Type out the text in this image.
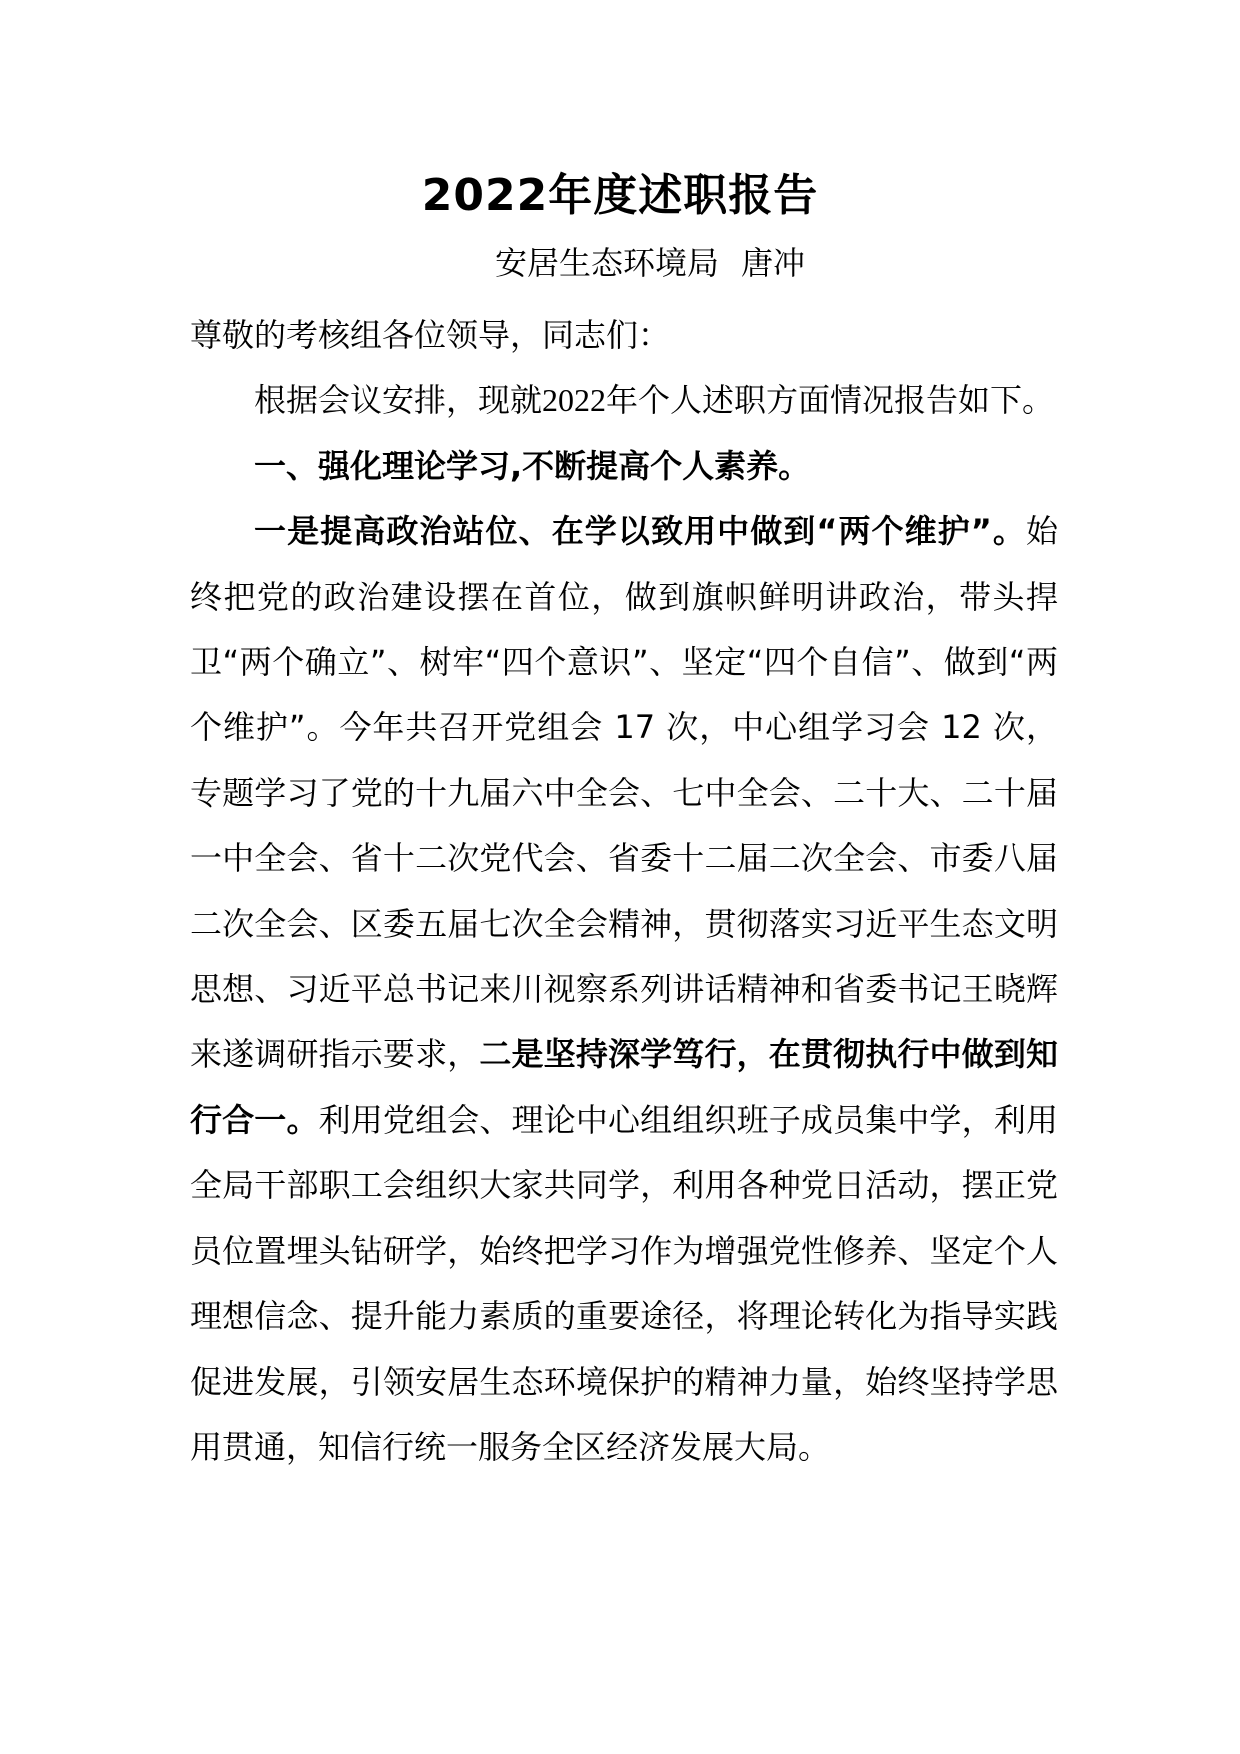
2022年度述职报告
安居生态环境局 唐冲

尊敬的考核组各位领导，同志们：

根据会议安排，现就2022年个人述职方面情况报告如下。

一、强化理论学习,不断提高个人素养。

一是提高政治站位、在学以致用中做到“两个维护”。始终把党的政治建设摆在首位，做到旗帜鲜明讲政治，带头捍卫“两个确立”、树牢“四个意识”、坚定“四个自信”、做到“两个维护”。今年共召开党组会 17 次，中心组学习会 12 次，专题学习了党的十九届六中全会、七中全会、二十大、二十届一中全会、省十二次党代会、省委十二届二次全会、市委八届二次全会、区委五届七次全会精神，贯彻落实习近平生态文明思想、习近平总书记来川视察系列讲话精神和省委书记王晓辉来遂调研指示要求，二是坚持深学笃行，在贯彻执行中做到知行合一。利用党组会、理论中心组组织班子成员集中学，利用全局干部职工会组织大家共同学，利用各种党日活动，摆正党员位置埋头钻研学，始终把学习作为增强党性修养、坚定个人理想信念、提升能力素质的重要途径，将理论转化为指导实践促进发展，引领安居生态环境保护的精神力量，始终坚持学思用贯通，知信行统一服务全区经济发展大局。
